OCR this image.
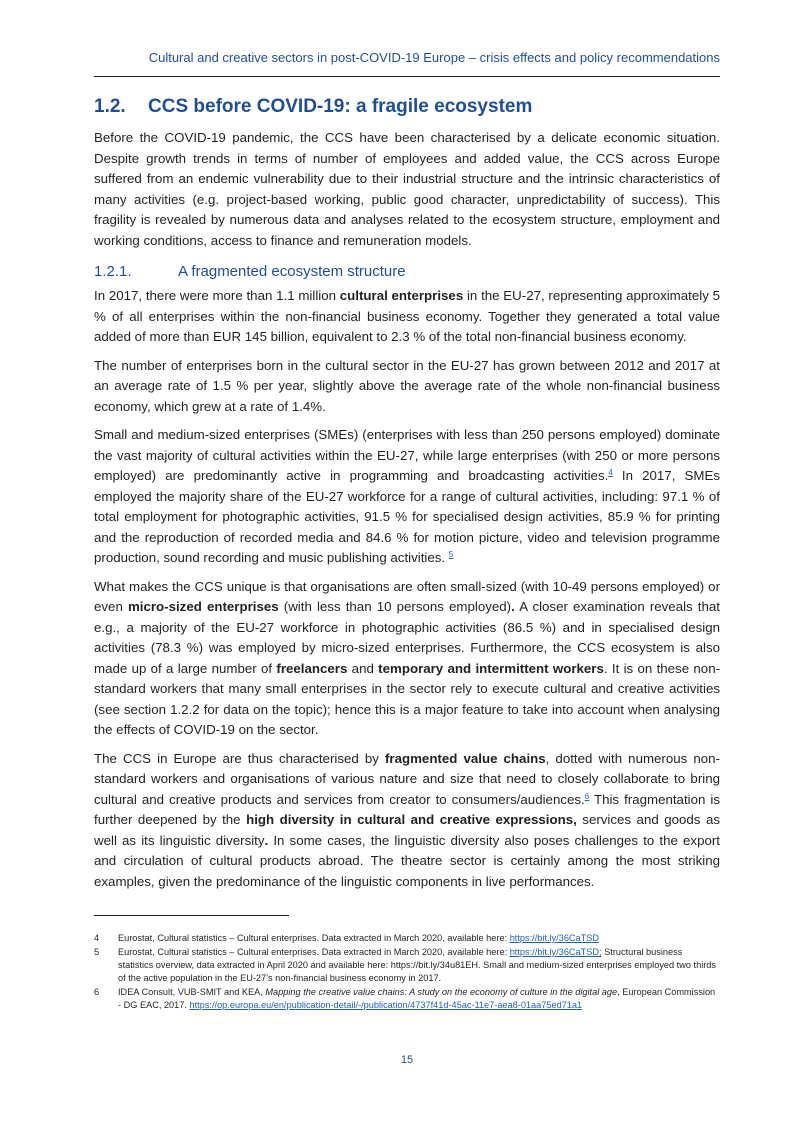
Cultural and creative sectors in post-COVID-19 Europe – crisis effects and policy recommendations
1.2.	CCS before COVID-19: a fragile ecosystem

Before the COVID-19 pandemic, the CCS have been characterised by a delicate economic situation. Despite growth trends in terms of number of employees and added value, the CCS across Europe suffered from an endemic vulnerability due to their industrial structure and the intrinsic characteristics of many activities (e.g. project-based working, public good character, unpredictability of success). This fragility is revealed by numerous data and analyses related to the ecosystem structure, employment and working conditions, access to finance and remuneration models.

1.2.1.	A fragmented ecosystem structure

In 2017, there were more than 1.1 million cultural enterprises in the EU-27, representing approximately 5 % of all enterprises within the non-financial business economy. Together they generated a total value added of more than EUR 145 billion, equivalent to 2.3 % of the total non-financial business economy.

The number of enterprises born in the cultural sector in the EU-27 has grown between 2012 and 2017 at an average rate of 1.5 % per year, slightly above the average rate of the whole non-financial business economy, which grew at a rate of 1.4%.

Small and medium-sized enterprises (SMEs) (enterprises with less than 250 persons employed) dominate the vast majority of cultural activities within the EU-27, while large enterprises (with 250 or more persons employed) are predominantly active in programming and broadcasting activities.$^4$ In 2017, SMEs employed the majority share of the EU-27 workforce for a range of cultural activities, including: 97.1 % of total employment for photographic activities, 91.5 % for specialised design activities, 85.9 % for printing and the reproduction of recorded media and 84.6 % for motion picture, video and television programme production, sound recording and music publishing activities. $^5$

What makes the CCS unique is that organisations are often small-sized (with 10-49 persons employed) or even micro-sized enterprises (with less than 10 persons employed). A closer examination reveals that e.g., a majority of the EU-27 workforce in photographic activities (86.5 %) and in specialised design activities (78.3 %) was employed by micro-sized enterprises. Furthermore, the CCS ecosystem is also made up of a large number of freelancers and temporary and intermittent workers. It is on these non-standard workers that many small enterprises in the sector rely to execute cultural and creative activities (see section 1.2.2 for data on the topic); hence this is a major feature to take into account when analysing the effects of COVID-19 on the sector.

The CCS in Europe are thus characterised by fragmented value chains, dotted with numerous non-standard workers and organisations of various nature and size that need to closely collaborate to bring cultural and creative products and services from creator to consumers/audiences.$^6$ This fragmentation is further deepened by the high diversity in cultural and creative expressions, services and goods as well as its linguistic diversity. In some cases, the linguistic diversity also poses challenges to the export and circulation of cultural products abroad. The theatre sector is certainly among the most striking examples, given the predominance of the linguistic components in live performances.

4	Eurostat, Cultural statistics – Cultural enterprises. Data extracted in March 2020, available here: https://bit.ly/36CaTSD
5	Eurostat, Cultural statistics – Cultural enterprises. Data extracted in March 2020, available here: https://bit.ly/36CaTSD; Structural business statistics overview, data extracted in April 2020 and available here: https://bit.ly/34u81EH. Small and medium-sized enterprises employed two thirds of the active population in the EU-27’s non-financial business economy in 2017.
6	IDEA Consult, VUB-SMIT and KEA, Mapping the creative value chains: A study on the economy of culture in the digital age, European Commission - DG EAC, 2017. https://op.europa.eu/en/publication-detail/-/publication/4737f41d-45ac-11e7-aea8-01aa75ed71a1
15
